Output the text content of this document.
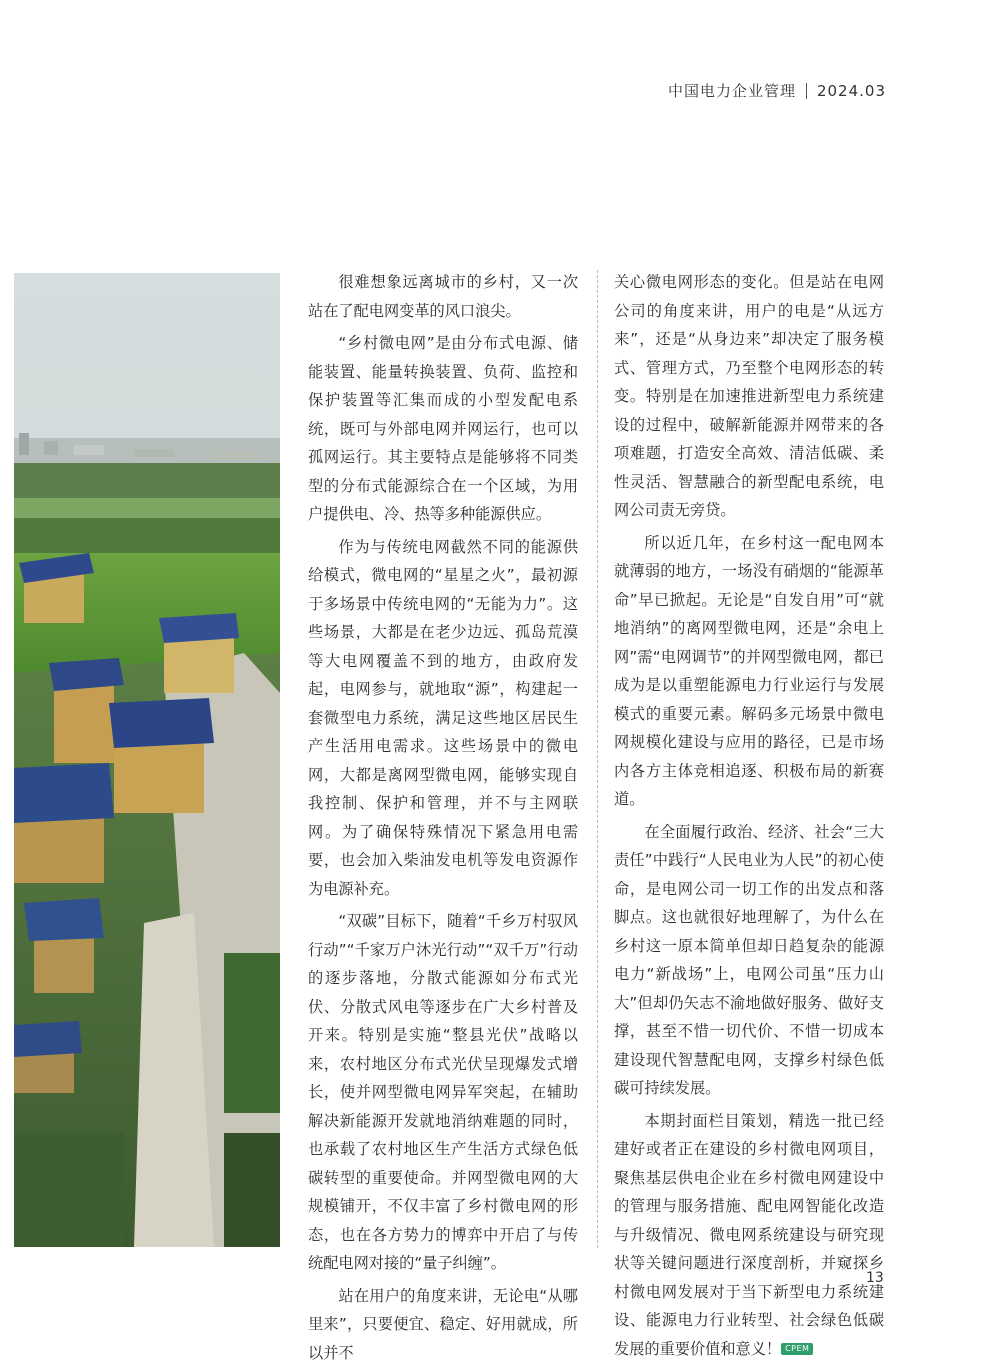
中国电力企业管理 2024.03

很难想象远离城市的乡村，又一次站在了配电网变革的风口浪尖。

“乡村微电网”是由分布式电源、储能装置、能量转换装置、负荷、监控和保护装置等汇集而成的小型发配电系统，既可与外部电网并网运行，也可以孤网运行。其主要特点是能够将不同类型的分布式能源综合在一个区域，为用户提供电、冷、热等多种能源供应。

作为与传统电网截然不同的能源供给模式，微电网的“星星之火”，最初源于多场景中传统电网的“无能为力”。这些场景，大都是在老少边远、孤岛荒漠等大电网覆盖不到的地方，由政府发起，电网参与，就地取“源”，构建起一套微型电力系统，满足这些地区居民生产生活用电需求。这些场景中的微电网，大都是离网型微电网，能够实现自我控制、保护和管理，并不与主网联网。为了确保特殊情况下紧急用电需要，也会加入柴油发电机等发电资源作为电源补充。

“双碳”目标下，随着“千乡万村驭风行动”“千家万户沐光行动”“双千万”行动的逐步落地，分散式能源如分布式光伏、分散式风电等逐步在广大乡村普及开来。特别是实施“整县光伏”战略以来，农村地区分布式光伏呈现爆发式增长，使并网型微电网异军突起，在辅助解决新能源开发就地消纳难题的同时，也承载了农村地区生产生活方式绿色低碳转型的重要使命。并网型微电网的大规模铺开，不仅丰富了乡村微电网的形态，也在各方势力的博弈中开启了与传统配电网对接的“量子纠缠”。

站在用户的角度来讲，无论电“从哪里来”，只要便宜、稳定、好用就成，所以并不

关心微电网形态的变化。但是站在电网公司的角度来讲，用户的电是“从远方来”，还是“从身边来”却决定了服务模式、管理方式，乃至整个电网形态的转变。特别是在加速推进新型电力系统建设的过程中，破解新能源并网带来的各项难题，打造安全高效、清洁低碳、柔性灵活、智慧融合的新型配电系统，电网公司责无旁贷。

所以近几年，在乡村这一配电网本就薄弱的地方，一场没有硝烟的“能源革命”早已掀起。无论是“自发自用”可“就地消纳”的离网型微电网，还是“余电上网”需“电网调节”的并网型微电网，都已成为是以重塑能源电力行业运行与发展模式的重要元素。解码多元场景中微电网规模化建设与应用的路径，已是市场内各方主体竞相追逐、积极布局的新赛道。

在全面履行政治、经济、社会“三大责任”中践行“人民电业为人民”的初心使命，是电网公司一切工作的出发点和落脚点。这也就很好地理解了，为什么在乡村这一原本简单但却日趋复杂的能源电力“新战场”上，电网公司虽“压力山大”但却仍矢志不渝地做好服务、做好支撑，甚至不惜一切代价、不惜一切成本建设现代智慧配电网，支撑乡村绿色低碳可持续发展。

本期封面栏目策划，精选一批已经建好或者正在建设的乡村微电网项目，聚焦基层供电企业在乡村微电网建设中的管理与服务措施、配电网智能化改造与升级情况、微电网系统建设与研究现状等关键问题进行深度剖析，并窥探乡村微电网发展对于当下新型电力系统建设、能源电力行业转型、社会绿色低碳发展的重要价值和意义！ CPEM

13
